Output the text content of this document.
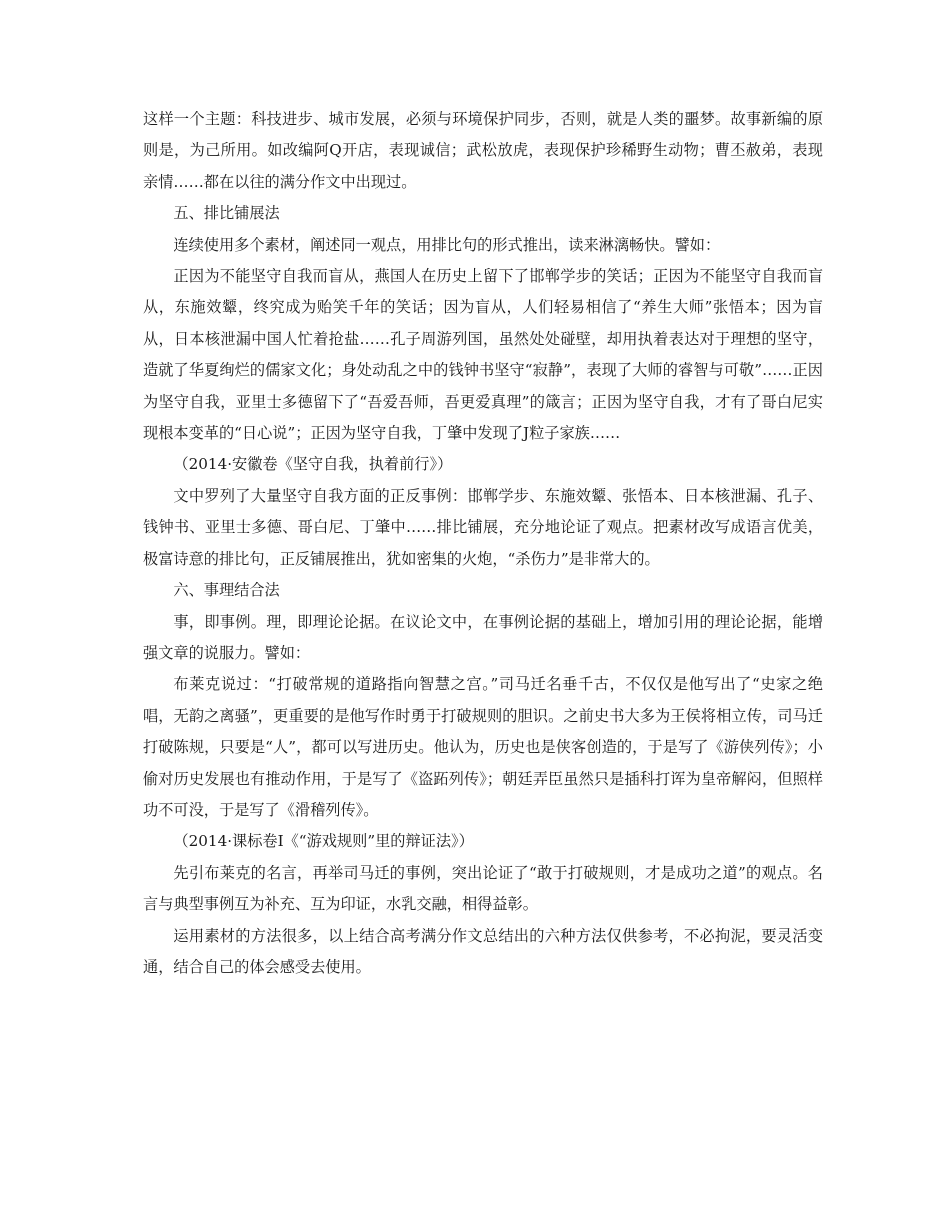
这样一个主题：科技进步、城市发展，必须与环境保护同步，否则，就是人类的噩梦。故事新编的原则是，为己所用。如改编阿Q开店，表现诚信；武松放虎，表现保护珍稀野生动物；曹丕赦弟，表现亲情……都在以往的满分作文中出现过。

五、排比铺展法

连续使用多个素材，阐述同一观点，用排比句的形式推出，读来淋漓畅快。譬如：

正因为不能坚守自我而盲从，燕国人在历史上留下了邯郸学步的笑话；正因为不能坚守自我而盲从，东施效颦，终究成为贻笑千年的笑话；因为盲从，人们轻易相信了“养生大师”张悟本；因为盲从，日本核泄漏中国人忙着抢盐……孔子周游列国，虽然处处碰壁，却用执着表达对于理想的坚守，造就了华夏绚烂的儒家文化；身处动乱之中的钱钟书坚守“寂静”，表现了大师的睿智与可敬”……正因为坚守自我，亚里士多德留下了“吾爱吾师，吾更爱真理”的箴言；正因为坚守自我，才有了哥白尼实现根本变革的“日心说”；正因为坚守自我，丁肇中发现了J粒子家族……

（2014·安徽卷《坚守自我，执着前行》）

文中罗列了大量坚守自我方面的正反事例：邯郸学步、东施效颦、张悟本、日本核泄漏、孔子、钱钟书、亚里士多德、哥白尼、丁肇中……排比铺展，充分地论证了观点。把素材改写成语言优美，极富诗意的排比句，正反铺展推出，犹如密集的火炮，“杀伤力”是非常大的。

六、事理结合法

事，即事例。理，即理论论据。在议论文中，在事例论据的基础上，增加引用的理论论据，能增强文章的说服力。譬如：

布莱克说过：“打破常规的道路指向智慧之宫。”司马迁名垂千古，不仅仅是他写出了“史家之绝唱，无韵之离骚”，更重要的是他写作时勇于打破规则的胆识。之前史书大多为王侯将相立传，司马迁打破陈规，只要是“人”，都可以写进历史。他认为，历史也是侠客创造的，于是写了《游侠列传》；小偷对历史发展也有推动作用，于是写了《盗跖列传》；朝廷弄臣虽然只是插科打诨为皇帝解闷，但照样功不可没，于是写了《滑稽列传》。

（2014·课标卷Ⅰ《“游戏规则”里的辩证法》）

先引布莱克的名言，再举司马迁的事例，突出论证了“敢于打破规则，才是成功之道”的观点。名言与典型事例互为补充、互为印证，水乳交融，相得益彰。

运用素材的方法很多，以上结合高考满分作文总结出的六种方法仅供参考，不必拘泥，要灵活变通，结合自己的体会感受去使用。
